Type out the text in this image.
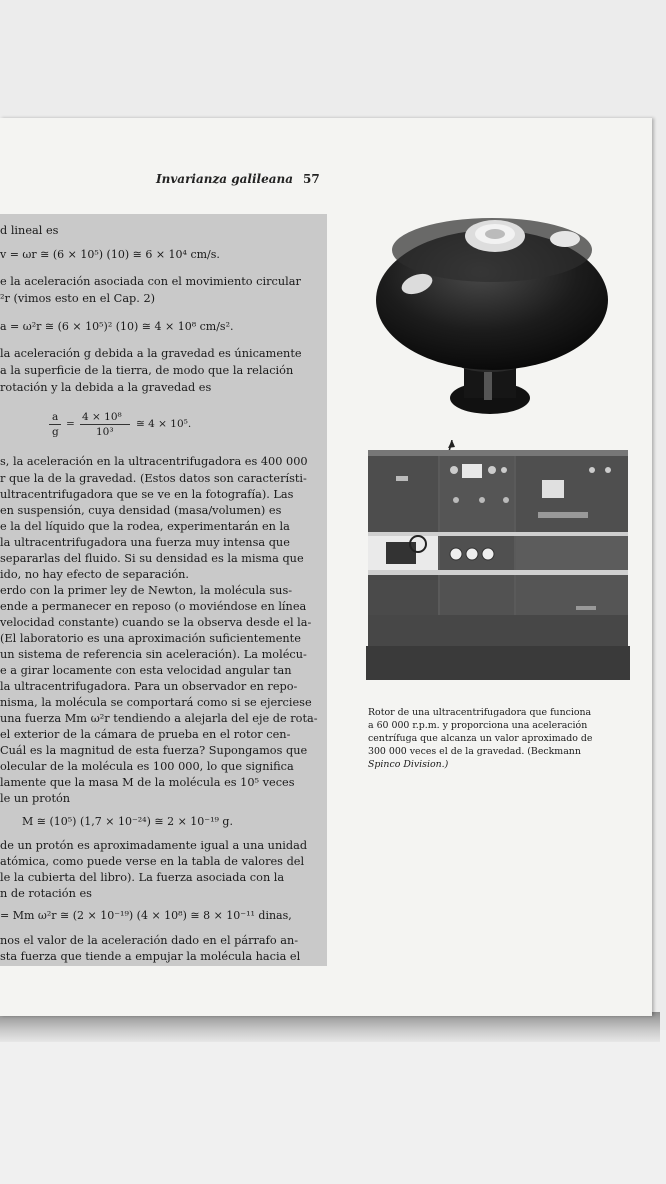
Invarianza galileana 57
d lineal es
v = ωr ≅ (6 × 10⁵) (10) ≅ 6 × 10⁴ cm/s.
e la aceleración asociada con el movimiento circular
²r (vimos esto en el Cap. 2)
a = ω²r ≅ (6 × 10⁵)² (10) ≅ 4 × 10⁸ cm/s².
la aceleración g debida a la gravedad es únicamente
a la superficie de la tierra, de modo que la relación
rotación y la debida a la gravedad es
a
g
=
4 × 10⁸
10³
≅ 4 × 10⁵.
s, la aceleración en la ultracentrifugadora es 400 000
r que la de la gravedad. (Estos datos son característi-
ultracentrifugadora que se ve en la fotografía). Las
en suspensión, cuya densidad (masa/volumen) es
e la del líquido que la rodea, experimentarán en la
la ultracentrifugadora una fuerza muy intensa que
separarlas del fluido. Si su densidad es la misma que
ido, no hay efecto de separación.
erdo con la primer ley de Newton, la molécula sus-
ende a permanecer en reposo (o moviéndose en línea
velocidad constante) cuando se la observa desde el la-
(El laboratorio es una aproximación suficientemente
un sistema de referencia sin aceleración). La molécu-
e a girar locamente con esta velocidad angular tan
la ultracentrifugadora. Para un observador en repo-
nisma, la molécula se comportará como si se ejerciese
una fuerza Mm ω²r tendiendo a alejarla del eje de rota-
el exterior de la cámara de prueba en el rotor cen-
Cuál es la magnitud de esta fuerza? Supongamos que
olecular de la molécula es 100 000, lo que significa
lamente que la masa M de la molécula es 10⁵ veces
le un protón
M ≅ (10⁵) (1,7 × 10⁻²⁴) ≅ 2 × 10⁻¹⁹ g.
de un protón es aproximadamente igual a una unidad
atómica, como puede verse en la tabla de valores del
le la cubierta del libro). La fuerza asociada con la
n de rotación es
= Mm ω²r ≅ (2 × 10⁻¹⁹) (4 × 10⁸) ≅ 8 × 10⁻¹¹ dinas,
nos el valor de la aceleración dado en el párrafo an-
sta fuerza que tiende a empujar la molécula hacia el
Rotor de una ultracentrifugadora que funciona
a 60 000 r.p.m. y proporciona una aceleración
centrífuga que alcanza un valor aproximado de
300 000 veces el de la gravedad. (Beckmann
Spinco Division.)
